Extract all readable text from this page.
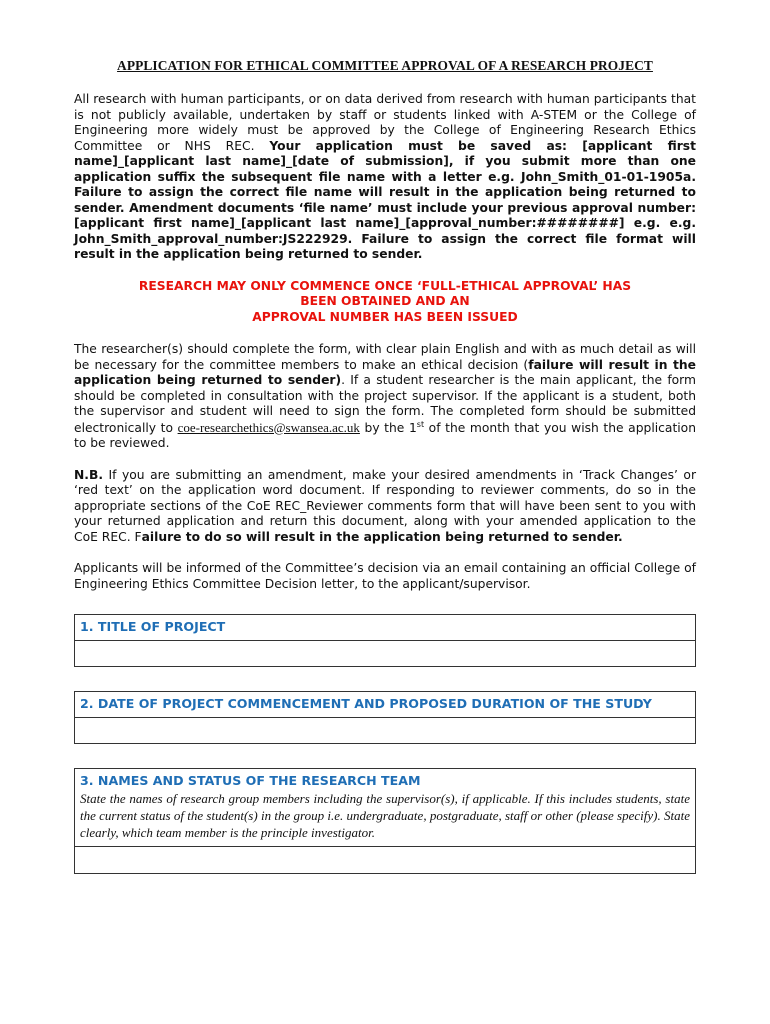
APPLICATION FOR ETHICAL COMMITTEE APPROVAL OF A RESEARCH PROJECT

All research with human participants, or on data derived from research with human participants that is not publicly available, undertaken by staff or students linked with A-STEM or the College of Engineering more widely must be approved by the College of Engineering Research Ethics Committee or NHS REC. Your application must be saved as: [applicant first name]_[applicant last name]_[date of submission], if you submit more than one application suffix the subsequent file name with a letter e.g. John_Smith_01-01-1905a. Failure to assign the correct file name will result in the application being returned to sender. Amendment documents ‘file name’ must include your previous approval number: [applicant first name]_[applicant last name]_[approval_number:########] e.g. e.g. John_Smith_approval_number:JS222929. Failure to assign the correct file format will result in the application being returned to sender.

RESEARCH MAY ONLY COMMENCE ONCE ‘FULL-ETHICAL APPROVAL’ HAS
BEEN OBTAINED AND AN
APPROVAL NUMBER HAS BEEN ISSUED

The researcher(s) should complete the form, with clear plain English and with as much detail as will be necessary for the committee members to make an ethical decision (failure will result in the application being returned to sender). If a student researcher is the main applicant, the form should be completed in consultation with the project supervisor. If the applicant is a student, both the supervisor and student will need to sign the form. The completed form should be submitted electronically to coe-researchethics@swansea.ac.uk by the 1st of the month that you wish the application to be reviewed.

N.B. If you are submitting an amendment, make your desired amendments in ‘Track Changes’ or ‘red text’ on the application word document. If responding to reviewer comments, do so in the appropriate sections of the CoE REC_Reviewer comments form that will have been sent to you with your returned application and return this document, along with your amended application to the CoE REC. Failure to do so will result in the application being returned to sender.

Applicants will be informed of the Committee’s decision via an email containing an official College of Engineering Ethics Committee Decision letter, to the applicant/supervisor.

1. TITLE OF PROJECT
2. DATE OF PROJECT COMMENCEMENT AND PROPOSED DURATION OF THE STUDY
3. NAMES AND STATUS OF THE RESEARCH TEAM
State the names of research group members including the supervisor(s), if applicable. If this includes students, state the current status of the student(s) in the group i.e. undergraduate, postgraduate, staff or other (please specify). State clearly, which team member is the principle investigator.
